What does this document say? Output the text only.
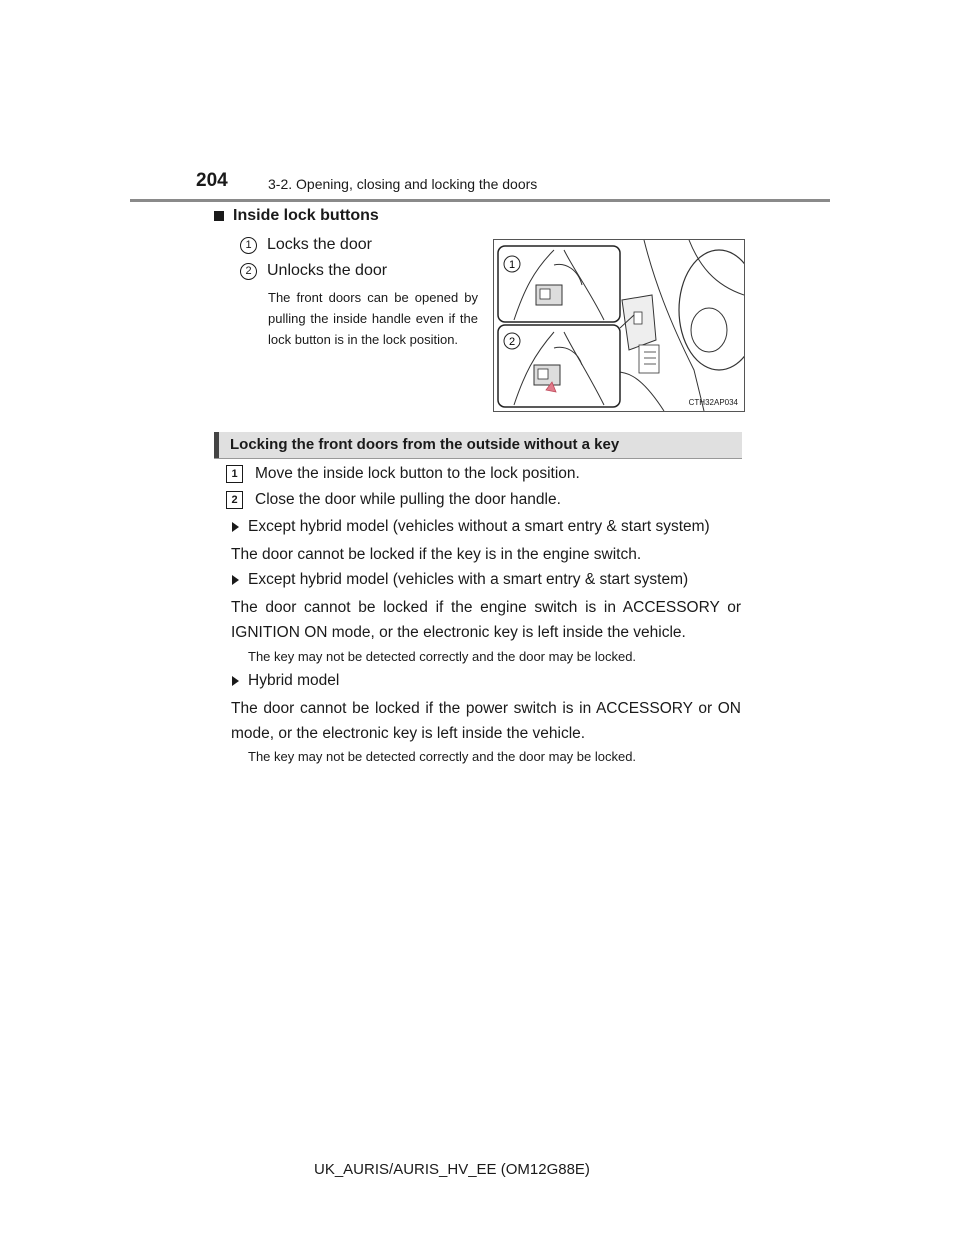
204	3-2. Opening, closing and locking the doors
Inside lock buttons
1 Locks the door
2 Unlocks the door
The front doors can be opened by pulling the inside handle even if the lock button is in the lock position.
1
2
CTH32AP034
Locking the front doors from the outside without a key
1	Move the inside lock button to the lock position.
2	Close the door while pulling the door handle.
Except hybrid model (vehicles without a smart entry & start system)
The door cannot be locked if the key is in the engine switch.
Except hybrid model (vehicles with a smart entry & start system)
The door cannot be locked if the engine switch is in ACCESSORY or IGNITION ON mode, or the electronic key is left inside the vehicle.
The key may not be detected correctly and the door may be locked.
Hybrid model
The door cannot be locked if the power switch is in ACCESSORY or ON mode, or the electronic key is left inside the vehicle.
The key may not be detected correctly and the door may be locked.
UK_AURIS/AURIS_HV_EE (OM12G88E)
